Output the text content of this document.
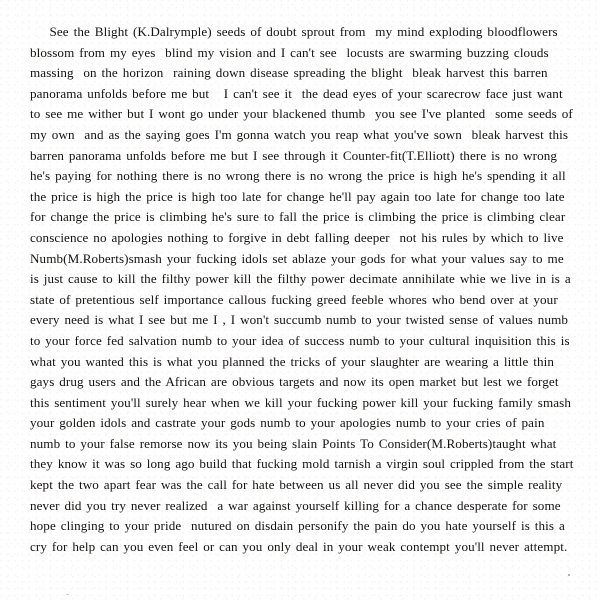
See the Blight (K.Dalrymple) seeds of doubt sprout from  my mind exploding bloodflowers blossom from my eyes  blind my vision and I can't see  locusts are swarming buzzing clouds massing  on the horizon  raining down disease spreading the blight  bleak harvest this barren panorama unfolds before me but   I can't see it  the dead eyes of your scarecrow face just want to see me wither but I wont go under your blackened thumb  you see I've planted  some seeds of my own  and as the saying goes I'm gonna watch you reap what you've sown  bleak harvest this barren panorama unfolds before me but I see through it Counter-fit(T.Elliott) there is no wrong he's paying for nothing there is no wrong there is no wrong the price is high he's spending it all the price is high the price is high too late for change he'll pay again too late for change too late for change the price is climbing he's sure to fall the price is climbing the price is climbing clear conscience no apologies nothing to forgive in debt falling deeper  not his rules by which to live Numb(M.Roberts)smash your fucking idols set ablaze your gods for what your values say to me is just cause to kill the filthy power kill the filthy power decimate annihilate whie we live in is a state of pretentious self importance callous fucking greed feeble whores who bend over at your every need is what I see but me I , I won't succumb numb to your twisted sense of values numb to your force fed salvation numb to your idea of success numb to your cultural inquisition this is what you wanted this is what you planned the tricks of your slaughter are wearing a little thin gays drug users and the African are obvious targets and now its open market but lest we forget this sentiment you'll surely hear when we kill your fucking power kill your fucking family smash your golden idols and castrate your gods numb to your apologies numb to your cries of pain numb to your false remorse now its you being slain Points To Consider(M.Roberts)taught what they know it was so long ago build that fucking mold tarnish a virgin soul crippled from the start kept the two apart fear was the call for hate between us all never did you see the simple reality never did you try never realized  a war against yourself killing for a chance desperate for some hope clinging to your pride  nutured on disdain personify the pain do you hate yourself is this a cry for help can you even feel or can you only deal in your weak contempt you'll never attempt.
